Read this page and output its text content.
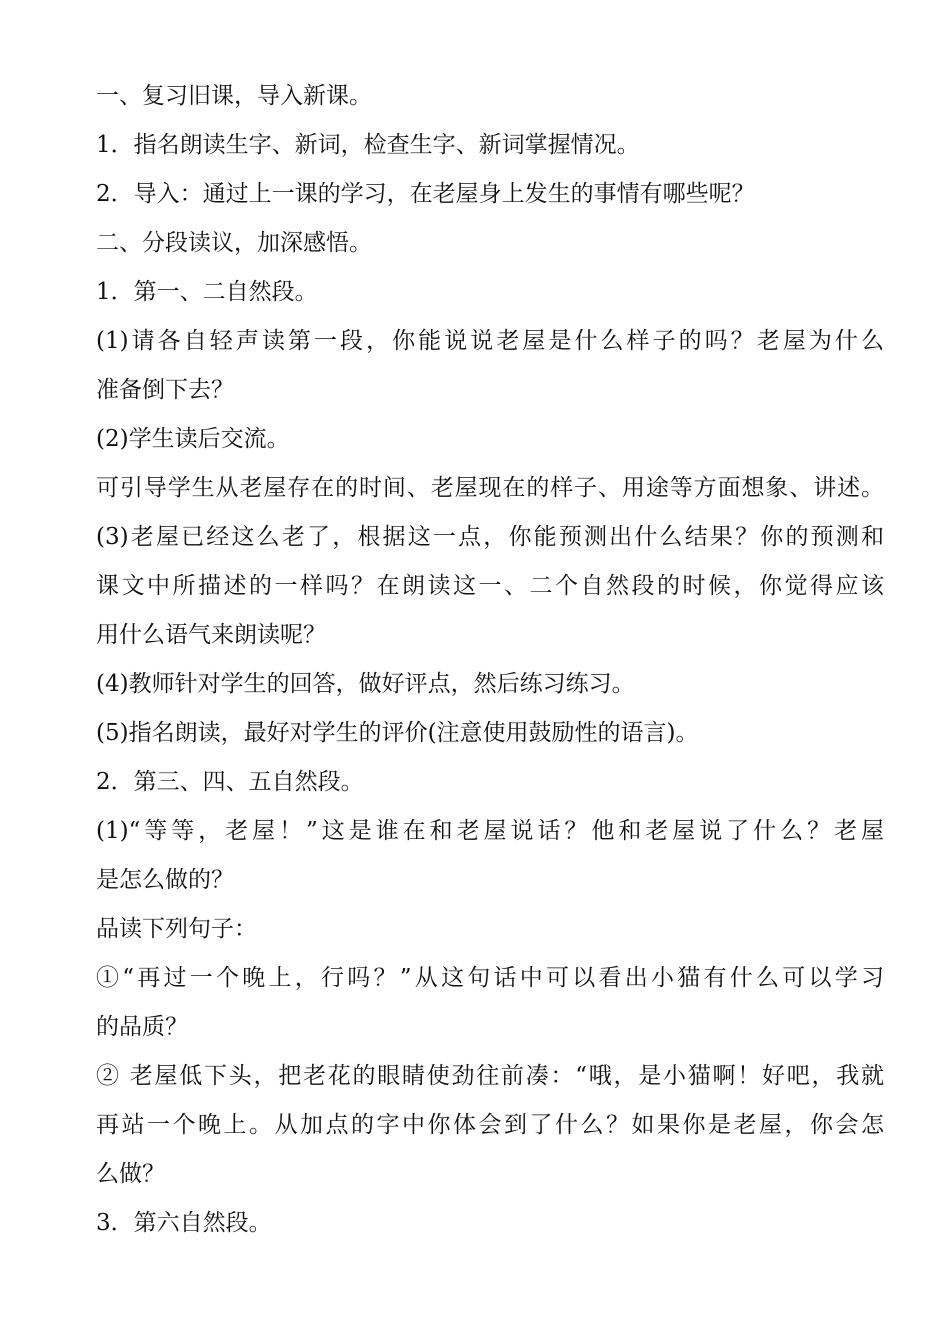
一、复习旧课，导入新课。
1．指名朗读生字、新词，检查生字、新词掌握情况。
2．导入：通过上一课的学习，在老屋身上发生的事情有哪些呢？
二、分段读议，加深感悟。
1．第一、二自然段。
(1)请各自轻声读第一段，你能说说老屋是什么样子的吗？老屋为什么
准备倒下去？
(2)学生读后交流。
可引导学生从老屋存在的时间、老屋现在的样子、用途等方面想象、讲述。
(3)老屋已经这么老了，根据这一点，你能预测出什么结果？你的预测和
课文中所描述的一样吗？在朗读这一、二个自然段的时候，你觉得应该
用什么语气来朗读呢？
(4)教师针对学生的回答，做好评点，然后练习练习。
(5)指名朗读，最好对学生的评价(注意使用鼓励性的语言)。
2．第三、四、五自然段。
(1)“等等，老屋！”这是谁在和老屋说话？他和老屋说了什么？老屋
是怎么做的？
品读下列句子：
①“再过一个晚上，行吗？”从这句话中可以看出小猫有什么可以学习
的品质？
② 老屋低下头，把老花的眼睛使劲往前凑：“哦，是小猫啊！好吧，我就
再站一个晚上。从加点的字中你体会到了什么？如果你是老屋，你会怎
么做？
3．第六自然段。
